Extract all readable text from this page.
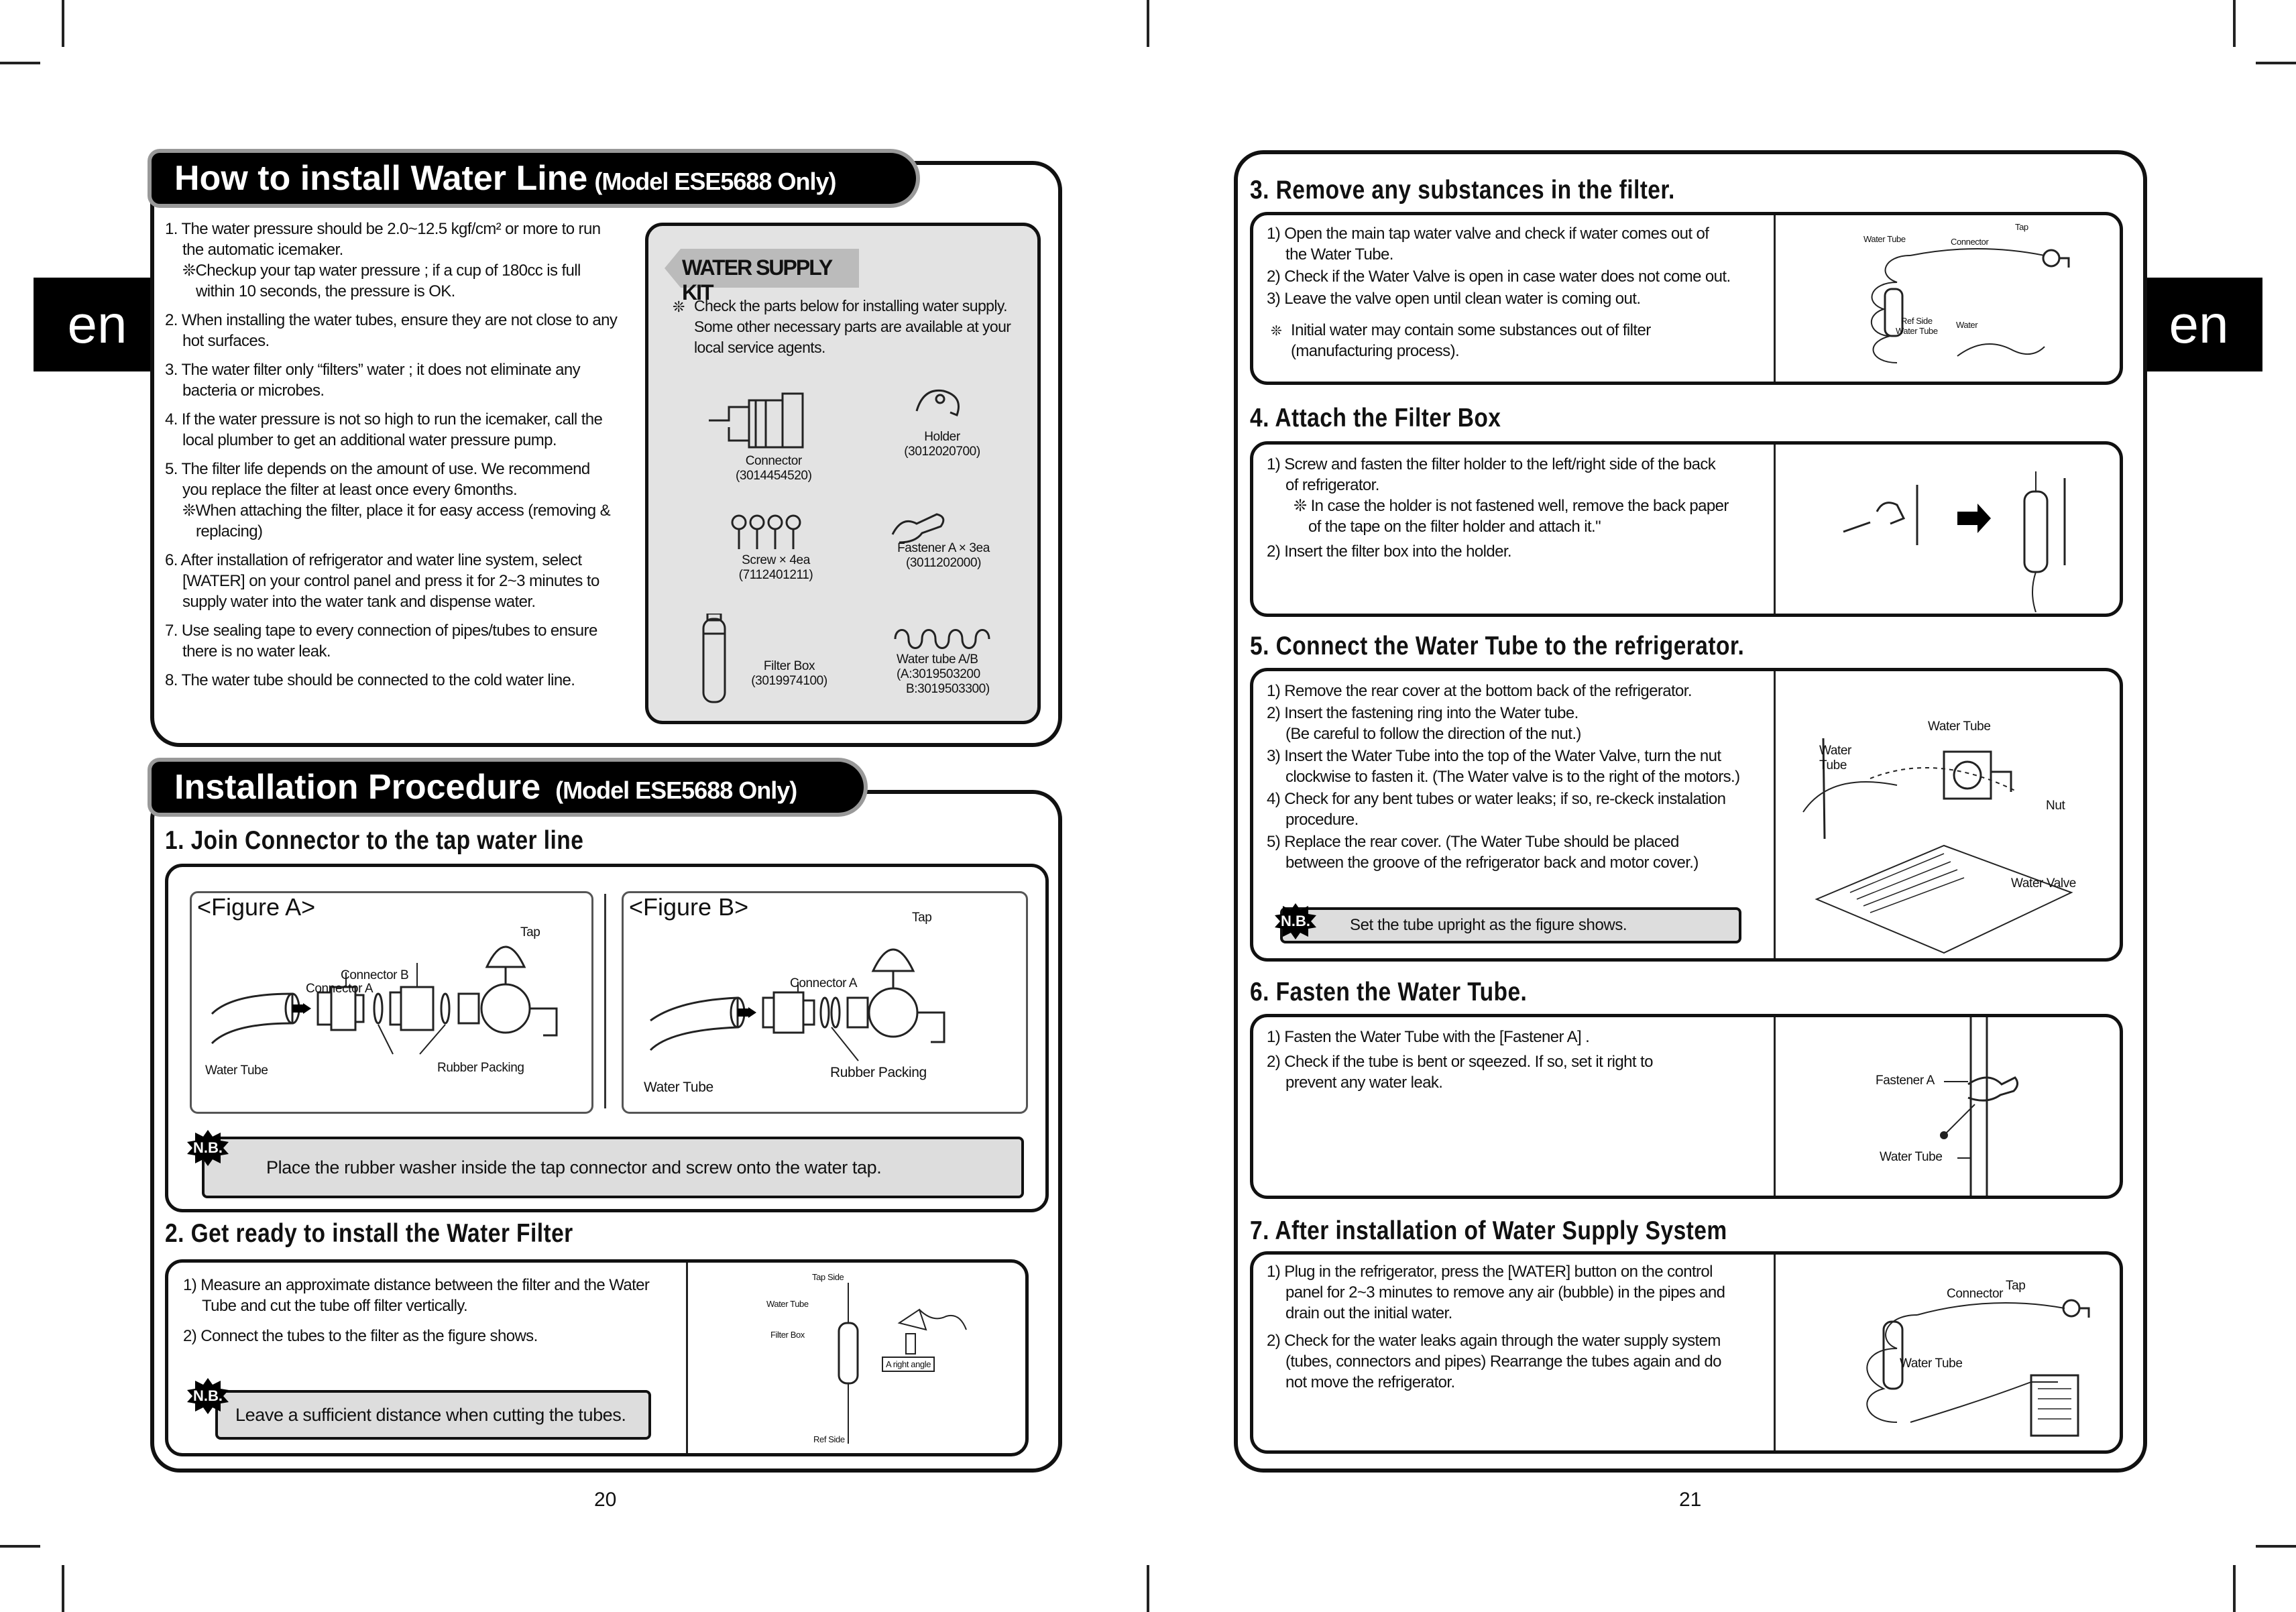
en	en
How to install Water Line (Model ESE5688 Only)
1. The water pressure should be 2.0~12.5 kgf/cm² or more to run
the automatic icemaker.
❊Checkup your tap water pressure ; if a cup of 180cc is full
within 10 seconds, the pressure is OK.
2. When installing the water tubes, ensure they are not close to any
hot surfaces.
3. The water filter only “filters” water ; it does not eliminate any
bacteria or microbes.
4. If the water pressure is not so high to run the icemaker, call the
local plumber to get an additional water pressure pump.
5. The filter life depends on the amount of use. We recommend
you replace the filter at least once every 6months.
❊When attaching the filter, place it for easy access (removing &
replacing)
6. After installation of refrigerator and water line system, select
[WATER] on your control panel and press it for 2~3 minutes to
supply water into the water tank and dispense water.
7. Use sealing tape to every connection of pipes/tubes to ensure
there is no water leak.
8. The water tube should be connected to the cold water line.
WATER SUPPLY KIT
❊ Check the parts below for installing water supply.
Some other necessary parts are available at your
local service agents.
Connector
(3014454520)
Holder
(3012020700)
Screw × 4ea
(7112401211)
Fastener A × 3ea
(3011202000)
Filter Box
(3019974100)
Water tube A/B
(A:3019503200
B:3019503300)
Installation Procedure (Model ESE5688 Only)
1. Join Connector to the tap water line
<Figure A>
Tap
Connector B
Connector A
Water Tube	Rubber Packing
<Figure B>	Tap
Connector A
Water Tube
Rubber Packing
Place the rubber washer inside the tap connector and screw onto the water tap.
N.B.
2. Get ready to install the Water Filter
1) Measure an approximate distance between the filter and the Water
Tube and cut the tube off filter vertically.
2) Connect the tubes to the filter as the figure shows.
Leave a sufficient distance when cutting the tubes.
N.B.
Tap Side
Water Tube
Filter Box
A right angle
Ref Side
20
3. Remove any substances in the filter.
1) Open the main tap water valve and check if water comes out of
the Water Tube.
2) Check if the Water Valve is open in case water does not come out.
3) Leave the valve open until clean water is coming out.
❊ Initial water may contain some substances out of filter
(manufacturing process).
Water Tube	Connector
Tap
Ref Side
Water Tube
Water
4. Attach the Filter Box
1) Screw and fasten the filter holder to the left/right side of the back
of refrigerator.
❊ In case the holder is not fastened well, remove the back paper
of the tape on the filter holder and attach it."
2) Insert the filter box into the holder.
5. Connect the Water Tube to the refrigerator.
1) Remove the rear cover at the bottom back of the refrigerator.
2) Insert the fastening ring into the Water tube.
(Be careful to follow the direction of the nut.)
3) Insert the Water Tube into the top of the Water Valve, turn the nut
clockwise to fasten it. (The Water valve is to the right of the motors.)
4) Check for any bent tubes or water leaks; if so, re-ckeck instalation
procedure.
5) Replace the rear cover. (The Water Tube should be placed
between the groove of the refrigerator back and motor cover.)
Set the tube upright as the figure shows.
N.B.
Water
Tube
Water Tube
Nut
Water Valve
6. Fasten the Water Tube.
1) Fasten the Water Tube with the [Fastener A] .
2) Check if the tube is bent or sqeezed. If so, set it right to
prevent any water leak.	Fastener A
Water Tube
7. After installation of Water Supply System
1) Plug in the refrigerator, press the [WATER] button on the control
panel for 2~3 minutes to remove any air (bubble) in the pipes and
drain out the initial water.
2) Check for the water leaks again through the water supply system
(tubes, connectors and pipes) Rearrange the tubes again and do
not move the refrigerator.
Connector
Tap
Water Tube
21
